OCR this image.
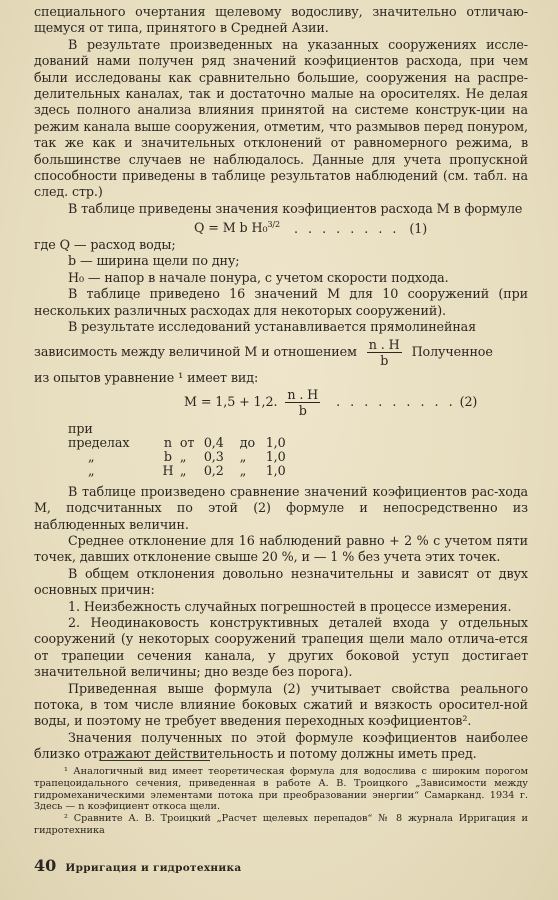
специального очертания щелевому водосливу, значительно отличаю-щемуся от типа, принятого в Средней Азии.

В результате произведенных на указанных сооружениях иссле-дований нами получен ряд значений коэфициентов расхода, при чем были исследованы как сравнительно большие, сооружения на распре-делительных каналах, так и достаточно малые на оросителях. Не делая здесь полного анализа влияния принятой на системе конструк-ции на режим канала выше сооружения, отметим, что размывов перед понуром, так же как и значительных отклонений от равномерного режима, в большинстве случаев не наблюдалось. Данные для учета пропускной способности приведены в таблице результатов наблюдений (см. табл. на след. стр.)

В таблице приведены значения коэфициентов расхода М в формуле

Q = M b H₀$^{3/2}$ . . . . . . . . (1)

где Q — расход воды;

b — ширина щели по дну;

H₀ — напор в начале понура, с учетом скорости подхода.

В таблице приведено 16 значений М для 10 сооружений (при нескольких различных расходах для некоторых сооружений).

В результате исследований устанавливается прямолинейная

зависимость между величиной М и отношением $\frac{n . H}{b}$ Полученное

из опытов уравнение ¹ имеет вид:

M = 1,5 + 1,2. $\frac{n . H}{b}$ . . . . . . . . . (2)

при пределах	n от 0,4 до 1,0
„	b „ 0,3 „ 1,0
„	H „ 0,2 „ 1,0

В таблице произведено сравнение значений коэфициентов рас-хода М, подсчитанных по этой (2) формуле и непосредственно из наблюденных величин.

Среднее отклонение для 16 наблюдений равно + 2 % с учетом пяти точек, давших отклонение свыше 20 %, и — 1 % без учета этих точек.

В общем отклонения довольно незначительны и зависят от двух основных причин:

1. Неизбежность случайных погрешностей в процессе измерения.

2. Неодинаковость конструктивных деталей входа у отдельных сооружений (у некоторых сооружений трапеция щели мало отлича-ется от трапеции сечения канала, у других боковой уступ достигает значительной величины; дно везде без порога).

Приведенная выше формула (2) учитывает свойства реального потока, в том числе влияние боковых сжатий и вязкость оросител-ной воды, и поэтому не требует введения переходных коэфициентов².

Значения полученных по этой формуле коэфициентов наиболее близко отражают действительность и потому должны иметь пред.

¹ Аналогичный вид имеет теоретическая формула для водослива с широким порогом трапецоидального сечения, приведенная в работе А. В. Троицкого „Зависимости между гидромеханическими элементами потока при преобразовании энергии“ Самарканд. 1934 г. Здесь — n коэфициент откоса щели.

² Сравните А. В. Троицкий „Расчет щелевых перепадов“ № 8 журнала Ирригация и гидротехника

40 Ирригация и гидротехника
